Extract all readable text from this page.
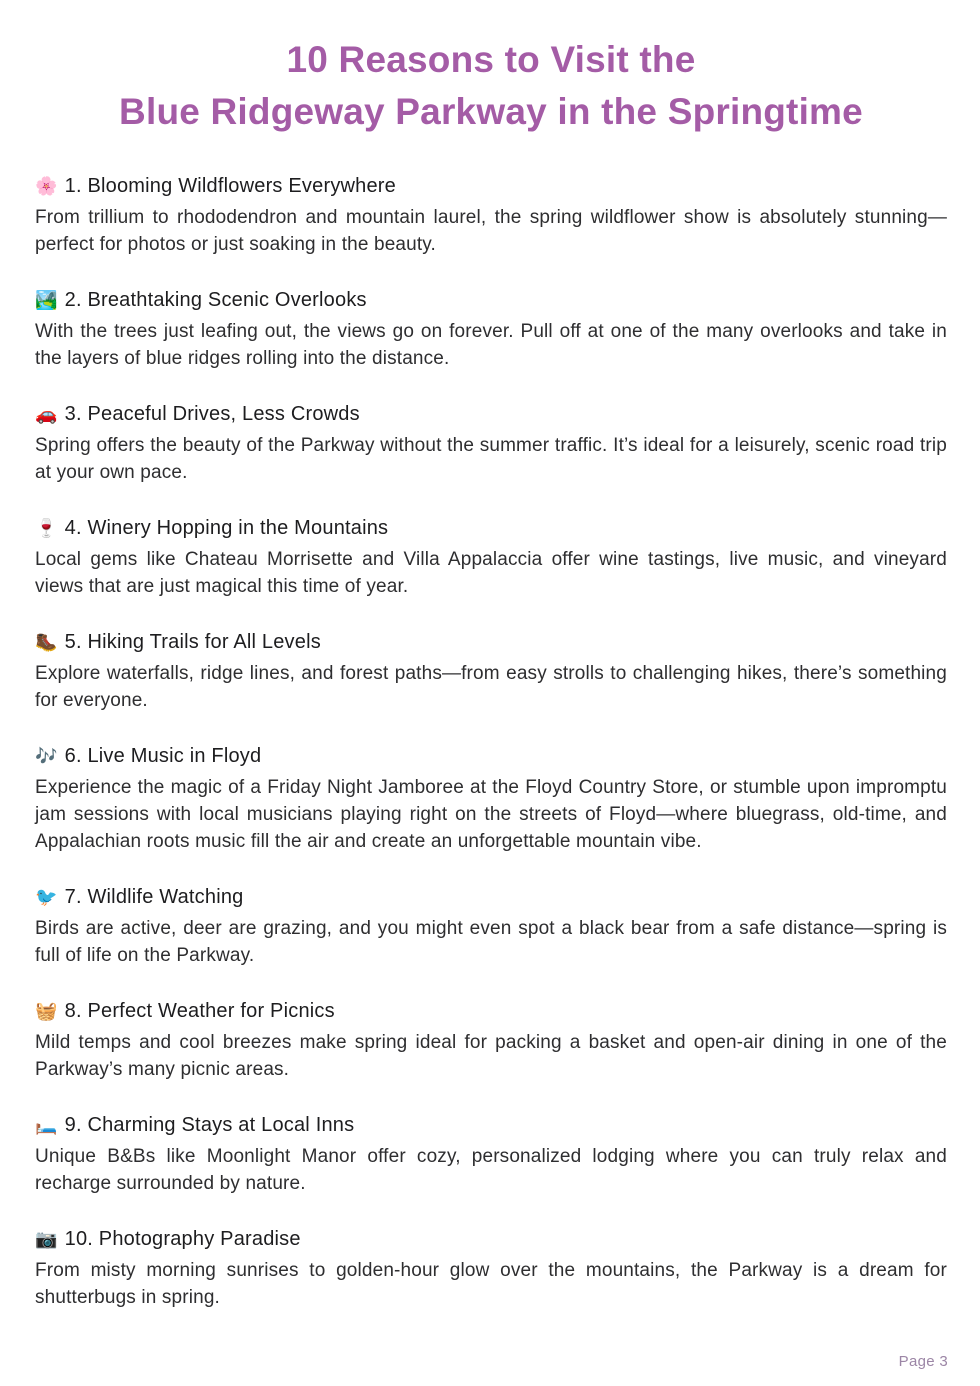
10 Reasons to Visit the
Blue Ridgeway Parkway in the Springtime
🌸 1. Blooming Wildflowers Everywhere

From trillium to rhododendron and mountain laurel, the spring wildflower show is absolutely stunning—perfect for photos or just soaking in the beauty.

🏞️ 2. Breathtaking Scenic Overlooks

With the trees just leafing out, the views go on forever. Pull off at one of the many overlooks and take in the layers of blue ridges rolling into the distance.

🚗 3. Peaceful Drives, Less Crowds

Spring offers the beauty of the Parkway without the summer traffic. It’s ideal for a leisurely, scenic road trip at your own pace.

🍷 4. Winery Hopping in the Mountains

Local gems like Chateau Morrisette and Villa Appalaccia offer wine tastings, live music, and vineyard views that are just magical this time of year.

🥾 5. Hiking Trails for All Levels

Explore waterfalls, ridge lines, and forest paths—from easy strolls to challenging hikes, there’s something for everyone.

🎶 6. Live Music in Floyd

Experience the magic of a Friday Night Jamboree at the Floyd Country Store, or stumble upon impromptu jam sessions with local musicians playing right on the streets of Floyd—where bluegrass, old-time, and Appalachian roots music fill the air and create an unforgettable mountain vibe.

🐦 7. Wildlife Watching

Birds are active, deer are grazing, and you might even spot a black bear from a safe distance—spring is full of life on the Parkway.

🧺 8. Perfect Weather for Picnics

Mild temps and cool breezes make spring ideal for packing a basket and open-air dining in one of the Parkway’s many picnic areas.

🛏️ 9. Charming Stays at Local Inns

Unique B&Bs like Moonlight Manor offer cozy, personalized lodging where you can truly relax and recharge surrounded by nature.

📷 10. Photography Paradise

From misty morning sunrises to golden-hour glow over the mountains, the Parkway is a dream for shutterbugs in spring.

Page 3
